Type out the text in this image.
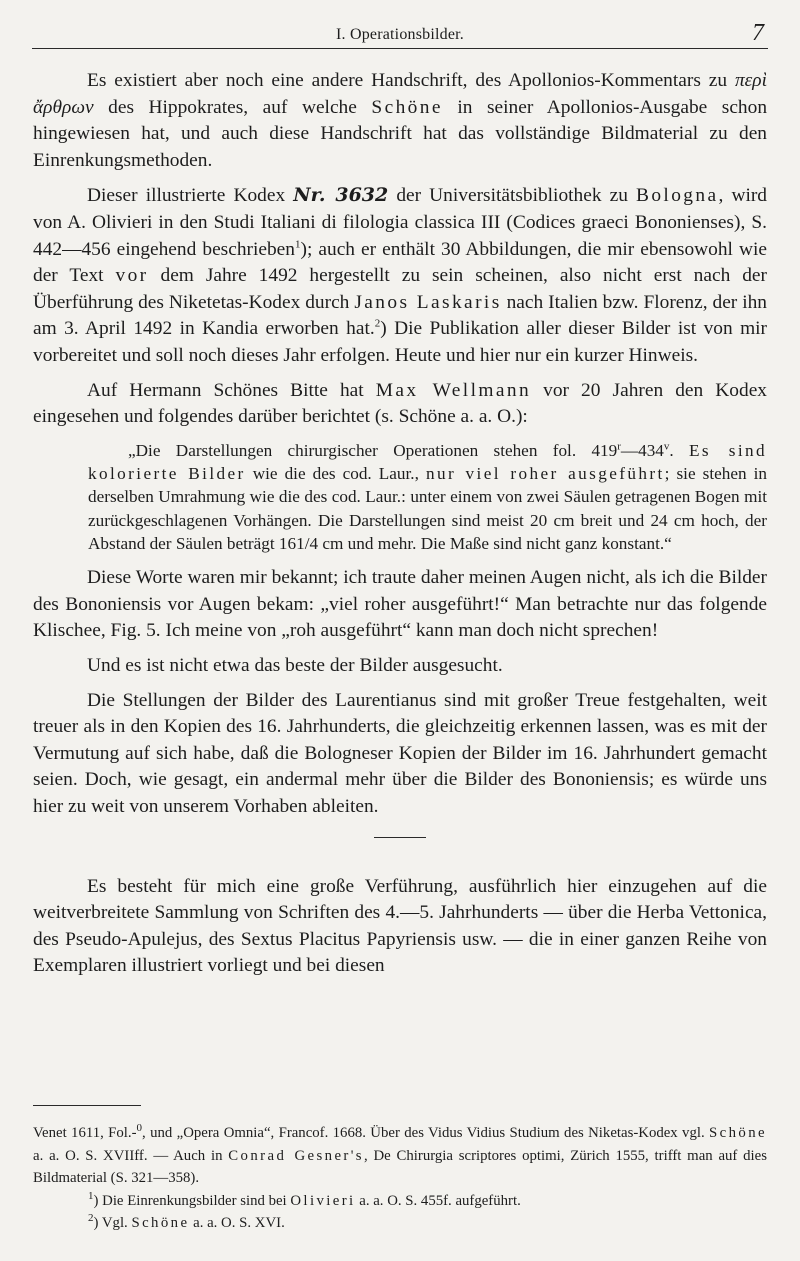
I. Operationsbilder.	7

Es existiert aber noch eine andere Handschrift, des Apollonios-Kommentars zu περὶ ἄρθρων des Hippokrates, auf welche Schöne in seiner Apollonios-Ausgabe schon hingewiesen hat, und auch diese Handschrift hat das vollständige Bildmaterial zu den Einrenkungsmethoden.

Dieser illustrierte Kodex Nr. 3632 der Universitätsbibliothek zu Bologna, wird von A. Olivieri in den Studi Italiani di filologia classica III (Codices graeci Bononienses), S. 442—456 eingehend beschrieben$^1$); auch er enthält 30 Abbildungen, die mir ebensowohl wie der Text vor dem Jahre 1492 hergestellt zu sein scheinen, also nicht erst nach der Überführung des Niketetas-Kodex durch Janos Laskaris nach Italien bzw. Florenz, der ihn am 3. April 1492 in Kandia erworben hat.$^2$) Die Publikation aller dieser Bilder ist von mir vorbereitet und soll noch dieses Jahr erfolgen. Heute und hier nur ein kurzer Hinweis.

Auf Hermann Schönes Bitte hat Max Wellmann vor 20 Jahren den Kodex eingesehen und folgendes darüber berichtet (s. Schöne a. a. O.):

„Die Darstellungen chirurgischer Operationen stehen fol. 419$^r$—434$^v$. Es sind kolorierte Bilder wie die des cod. Laur., nur viel roher ausgeführt; sie stehen in derselben Umrahmung wie die des cod. Laur.: unter einem von zwei Säulen getragenen Bogen mit zurückgeschlagenen Vorhängen. Die Darstellungen sind meist 20 cm breit und 24 cm hoch, der Abstand der Säulen beträgt 161/4 cm und mehr. Die Maße sind nicht ganz konstant.“

Diese Worte waren mir bekannt; ich traute daher meinen Augen nicht, als ich die Bilder des Bononiensis vor Augen bekam: „viel roher ausgeführt!“ Man betrachte nur das folgende Klischee, Fig. 5. Ich meine von „roh ausgeführt“ kann man doch nicht sprechen!

Und es ist nicht etwa das beste der Bilder ausgesucht.

Die Stellungen der Bilder des Laurentianus sind mit großer Treue festgehalten, weit treuer als in den Kopien des 16. Jahrhunderts, die gleichzeitig erkennen lassen, was es mit der Vermutung auf sich habe, daß die Bologneser Kopien der Bilder im 16. Jahrhundert gemacht seien. Doch, wie gesagt, ein andermal mehr über die Bilder des Bononiensis; es würde uns hier zu weit von unserem Vorhaben ableiten.

Es besteht für mich eine große Verführung, ausführlich hier einzugehen auf die weitverbreitete Sammlung von Schriften des 4.—5. Jahrhunderts — über die Herba Vettonica, des Pseudo-Apulejus, des Sextus Placitus Papyriensis usw. — die in einer ganzen Reihe von Exemplaren illustriert vorliegt und bei diesen

Venet 1611, Fol.-$^0$, und „Opera Omnia“, Francof. 1668. Über des Vidus Vidius Studium des Niketas-Kodex vgl. Schöne a. a. O. S. XVIIff. — Auch in Conrad Gesner's, De Chirurgia scriptores optimi, Zürich 1555, trifft man auf dies Bildmaterial (S. 321—358).

$^1$) Die Einrenkungsbilder sind bei Olivieri a. a. O. S. 455f. aufgeführt.

$^2$) Vgl. Schöne a. a. O. S. XVI.
